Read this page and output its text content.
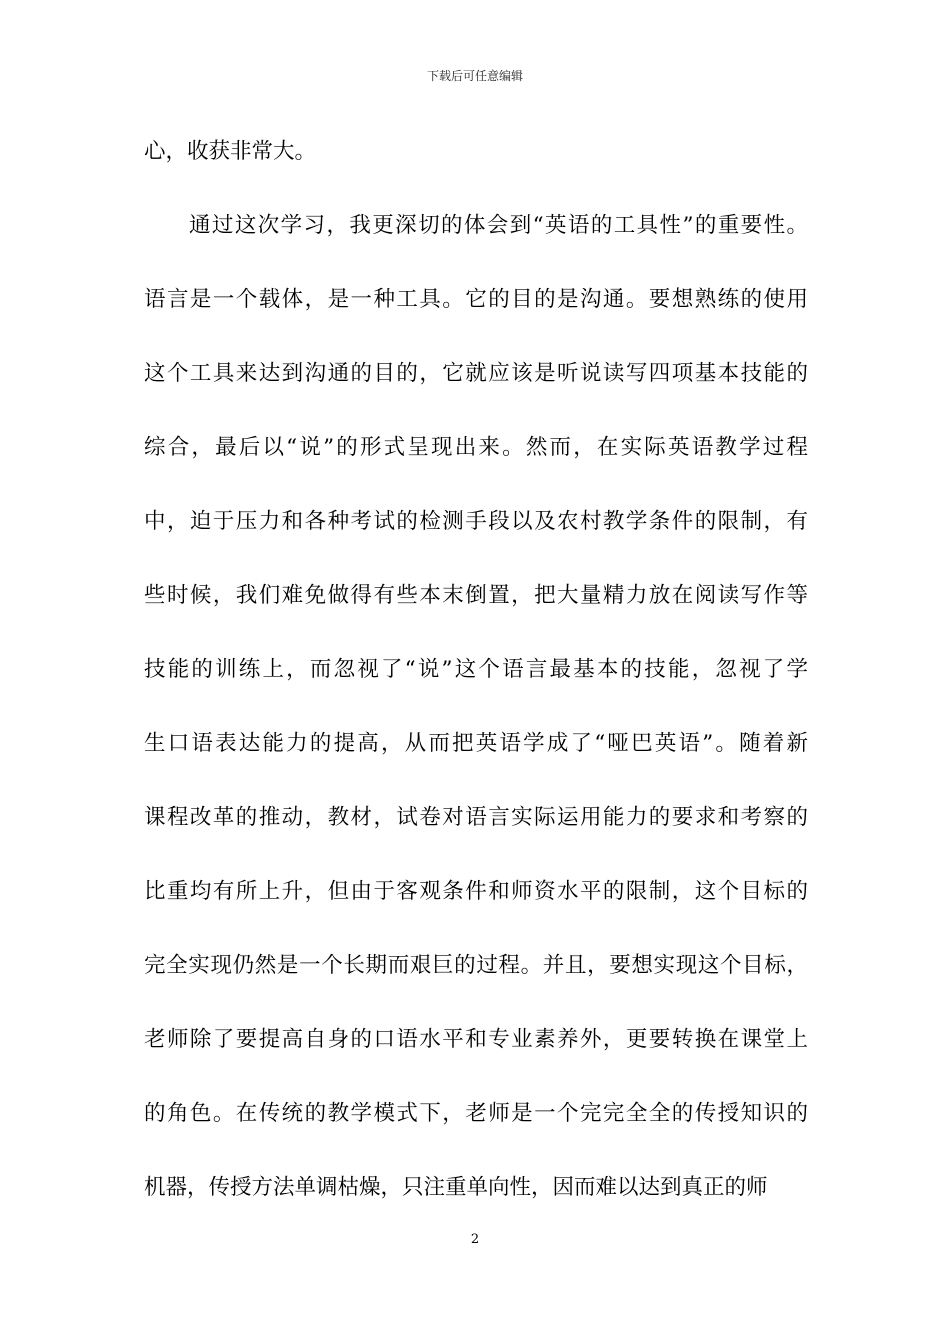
下载后可任意编辑
心，收获非常大。
通过这次学习，我更深切的体会到“英语的工具性”的重要性。
语言是一个载体，是一种工具。它的目的是沟通。要想熟练的使用
这个工具来达到沟通的目的，它就应该是听说读写四项基本技能的
综合，最后以“说”的形式呈现出来。然而，在实际英语教学过程
中，迫于压力和各种考试的检测手段以及农村教学条件的限制，有
些时候，我们难免做得有些本末倒置，把大量精力放在阅读写作等
技能的训练上，而忽视了“说”这个语言最基本的技能，忽视了学
生口语表达能力的提高，从而把英语学成了“哑巴英语”。随着新
课程改革的推动，教材，试卷对语言实际运用能力的要求和考察的
比重均有所上升，但由于客观条件和师资水平的限制，这个目标的
完全实现仍然是一个长期而艰巨的过程。并且，要想实现这个目标，
老师除了要提高自身的口语水平和专业素养外，更要转换在课堂上
的角色。在传统的教学模式下，老师是一个完完全全的传授知识的
机器，传授方法单调枯燥，只注重单向性，因而难以达到真正的师
2
